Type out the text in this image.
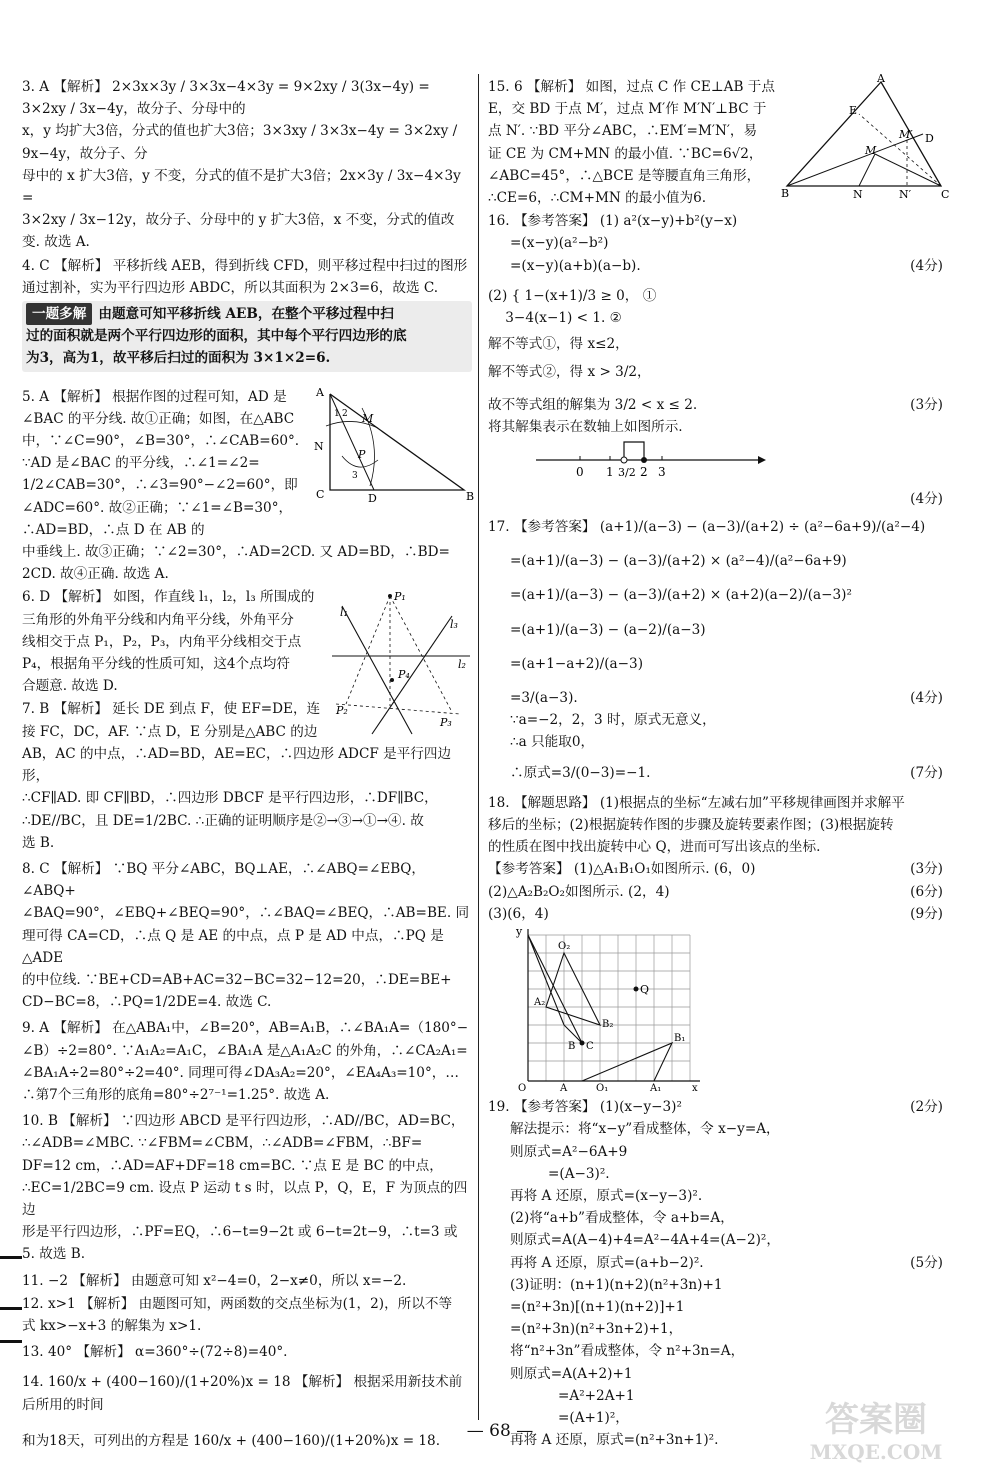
3. A 【解析】 2×3x×3y / 3×3x−4×3y = 9×2xy / 3(3x−4y) = 3×2xy / 3x−4y，故分子、分母中的
x，y 均扩大3倍，分式的值也扩大3倍；3×3xy / 3×3x−4y = 3×2xy / 9x−4y，故分子、分
母中的 x 扩大3倍，y 不变，分式的值不是扩大3倍；2x×3y / 3x−4×3y =
3×2xy / 3x−12y，故分子、分母中的 y 扩大3倍，x 不变，分式的值改变. 故选 A.
4. C 【解析】 平移折线 AEB，得到折线 CFD，则平移过程中扫过的图形
通过割补，实为平行四边形 ABDC，所以其面积为 2×3=6，故选 C.
一题多解 由题意可知平移折线 AEB，在整个平移过程中扫
过的面积就是两个平行四边形的面积，其中每个平行四边形的底
为3，高为1，故平移后扫过的面积为 3×1×2=6.
A
B
C	D
M
N
P
1 2
3
5. A 【解析】 根据作图的过程可知，AD 是
∠BAC 的平分线. 故①正确；如图，在△ABC
中，∵∠C=90°，∠B=30°，∴∠CAB=60°.
∵AD 是∠BAC 的平分线，∴∠1=∠2=
1/2∠CAB=30°，∴∠3=90°−∠2=60°，即
∠ADC=60°. 故②正确；∵∠1=∠B=30°，∴AD=BD，∴点 D 在 AB 的
中垂线上. 故③正确；∵∠2=30°，∴AD=2CD. 又 AD=BD，∴BD=
2CD. 故④正确. 故选 A.
P₁
l₁
l₃
l₂
P₄
P₂
P₃
6. D 【解析】 如图，作直线 l₁，l₂，l₃ 所围成的
三角形的外角平分线和内角平分线，外角平分
线相交于点 P₁，P₂，P₃，内角平分线相交于点
P₄，根据角平分线的性质可知，这4个点均符
合题意. 故选 D.
7. B 【解析】 延长 DE 到点 F，使 EF=DE，连
接 FC，DC，AF. ∵点 D，E 分别是△ABC 的边
AB，AC 的中点，∴AD=BD，AE=EC，∴四边形 ADCF 是平行四边形，
∴CF∥AD. 即 CF∥BD，∴四边形 DBCF 是平行四边形，∴DF∥BC，
∴DE//BC，且 DE=1/2BC. ∴正确的证明顺序是②→③→①→④. 故
选 B.
8. C 【解析】 ∵BQ 平分∠ABC，BQ⊥AE，∴∠ABQ=∠EBQ，∠ABQ+
∠BAQ=90°，∠EBQ+∠BEQ=90°，∴∠BAQ=∠BEQ，∴AB=BE. 同
理可得 CA=CD，∴点 Q 是 AE 的中点，点 P 是 AD 中点，∴PQ 是△ADE
的中位线. ∵BE+CD=AB+AC=32−BC=32−12=20，∴DE=BE+
CD−BC=8，∴PQ=1/2DE=4. 故选 C.
9. A 【解析】 在△ABA₁中，∠B=20°，AB=A₁B，∴∠BA₁A=（180°−
∠B）÷2=80°. ∵A₁A₂=A₁C，∠BA₁A 是△A₁A₂C 的外角，∴∠CA₂A₁=
∠BA₁A÷2=80°÷2=40°. 同理可得∠DA₃A₂=20°，∠EA₄A₃=10°，…
∴第7个三角形的底角=80°÷2⁷⁻¹=1.25°. 故选 A.
10. B 【解析】 ∵四边形 ABCD 是平行四边形，∴AD//BC，AD=BC，
∴∠ADB=∠MBC. ∵∠FBM=∠CBM，∴∠ADB=∠FBM，∴BF=
DF=12 cm，∴AD=AF+DF=18 cm=BC. ∵点 E 是 BC 的中点，
∴EC=1/2BC=9 cm. 设点 P 运动 t s 时，以点 P，Q，E，F 为顶点的四边
形是平行四边形，∴PF=EQ，∴6−t=9−2t 或 6−t=2t−9，∴t=3 或
5. 故选 B.
11. −2 【解析】 由题意可知 x²−4=0，2−x≠0，所以 x=−2.
12. x>1 【解析】 由题图可知，两函数的交点坐标为(1，2)，所以不等
式 kx>−x+3 的解集为 x>1.
13. 40° 【解析】 α=360°÷(72÷8)=40°.
14. 160/x + (400−160)/(1+20%)x = 18 【解析】 根据采用新技术前后所用的时间
和为18天，可列出的方程是 160/x + (400−160)/(1+20%)x = 18.
A
E
M′ D
M
B	N	N′	C
15. 6 【解析】 如图，过点 C 作 CE⊥AB 于点
E，交 BD 于点 M′，过点 M′作 M′N′⊥BC 于
点 N′. ∵BD 平分∠ABC，∴EM′=M′N′，易
证 CE 为 CM+MN 的最小值. ∵BC=6√2，
∠ABC=45°，∴△BCE 是等腰直角三角形，
∴CE=6，∴CM+MN 的最小值为6.
16. 【参考答案】 (1) a²(x−y)+b²(y−x)
=(x−y)(a²−b²)
=(x−y)(a+b)(a−b).	(4分)
(2) { 1−(x+1)/3 ≥ 0， ①
3−4(x−1) < 1. ②
解不等式①，得 x≤2，
解不等式②，得 x > 3/2，
故不等式组的解集为 3/2 < x ≤ 2.	(3分)
将其解集表示在数轴上如图所示.
0 1 3/2 2 3
(4分)
17. 【参考答案】 (a+1)/(a−3) − (a−3)/(a+2) ÷ (a²−6a+9)/(a²−4)
=(a+1)/(a−3) − (a−3)/(a+2) × (a²−4)/(a²−6a+9)
=(a+1)/(a−3) − (a−3)/(a+2) × (a+2)(a−2)/(a−3)²
=(a+1)/(a−3) − (a−2)/(a−3)
=(a+1−a+2)/(a−3)
=3/(a−3).	(4分)
∵a=−2，2，3 时，原式无意义，
∴a 只能取0，
∴原式=3/(0−3)=−1.	(7分)
18. 【解题思路】 (1)根据点的坐标“左减右加”平移规律画图并求解平
移后的坐标；(2)根据旋转作图的步骤及旋转要素作图；(3)根据旋转
的性质在图中找出旋转中心 Q，进而可写出该点的坐标.
【参考答案】 (1)△A₁B₁O₁如图所示. (6，0)	(3分)
(2)△A₂B₂O₂如图所示. (2，4)	(6分)
(3)(6，4)	(9分)
y
O₂
Q
A₂
B₂
B C
B₁
O	A	O₁	A₁	x
19. 【参考答案】 (1)(x−y−3)²	(2分)
解法提示：将“x−y”看成整体，令 x−y=A，
则原式=A²−6A+9
=(A−3)².
再将 A 还原，原式=(x−y−3)².
(2)将“a+b”看成整体，令 a+b=A，
则原式=A(A−4)+4=A²−4A+4=(A−2)²，
再将 A 还原，原式=(a+b−2)².	(5分)
(3)证明：(n+1)(n+2)(n²+3n)+1
=(n²+3n)[(n+1)(n+2)]+1
=(n²+3n)(n²+3n+2)+1，
将“n²+3n”看成整体，令 n²+3n=A，
则原式=A(A+2)+1
=A²+2A+1
=(A+1)²，
再将 A 还原，原式=(n²+3n+1)².
— 68 —	答案圈
MXQE.COM
